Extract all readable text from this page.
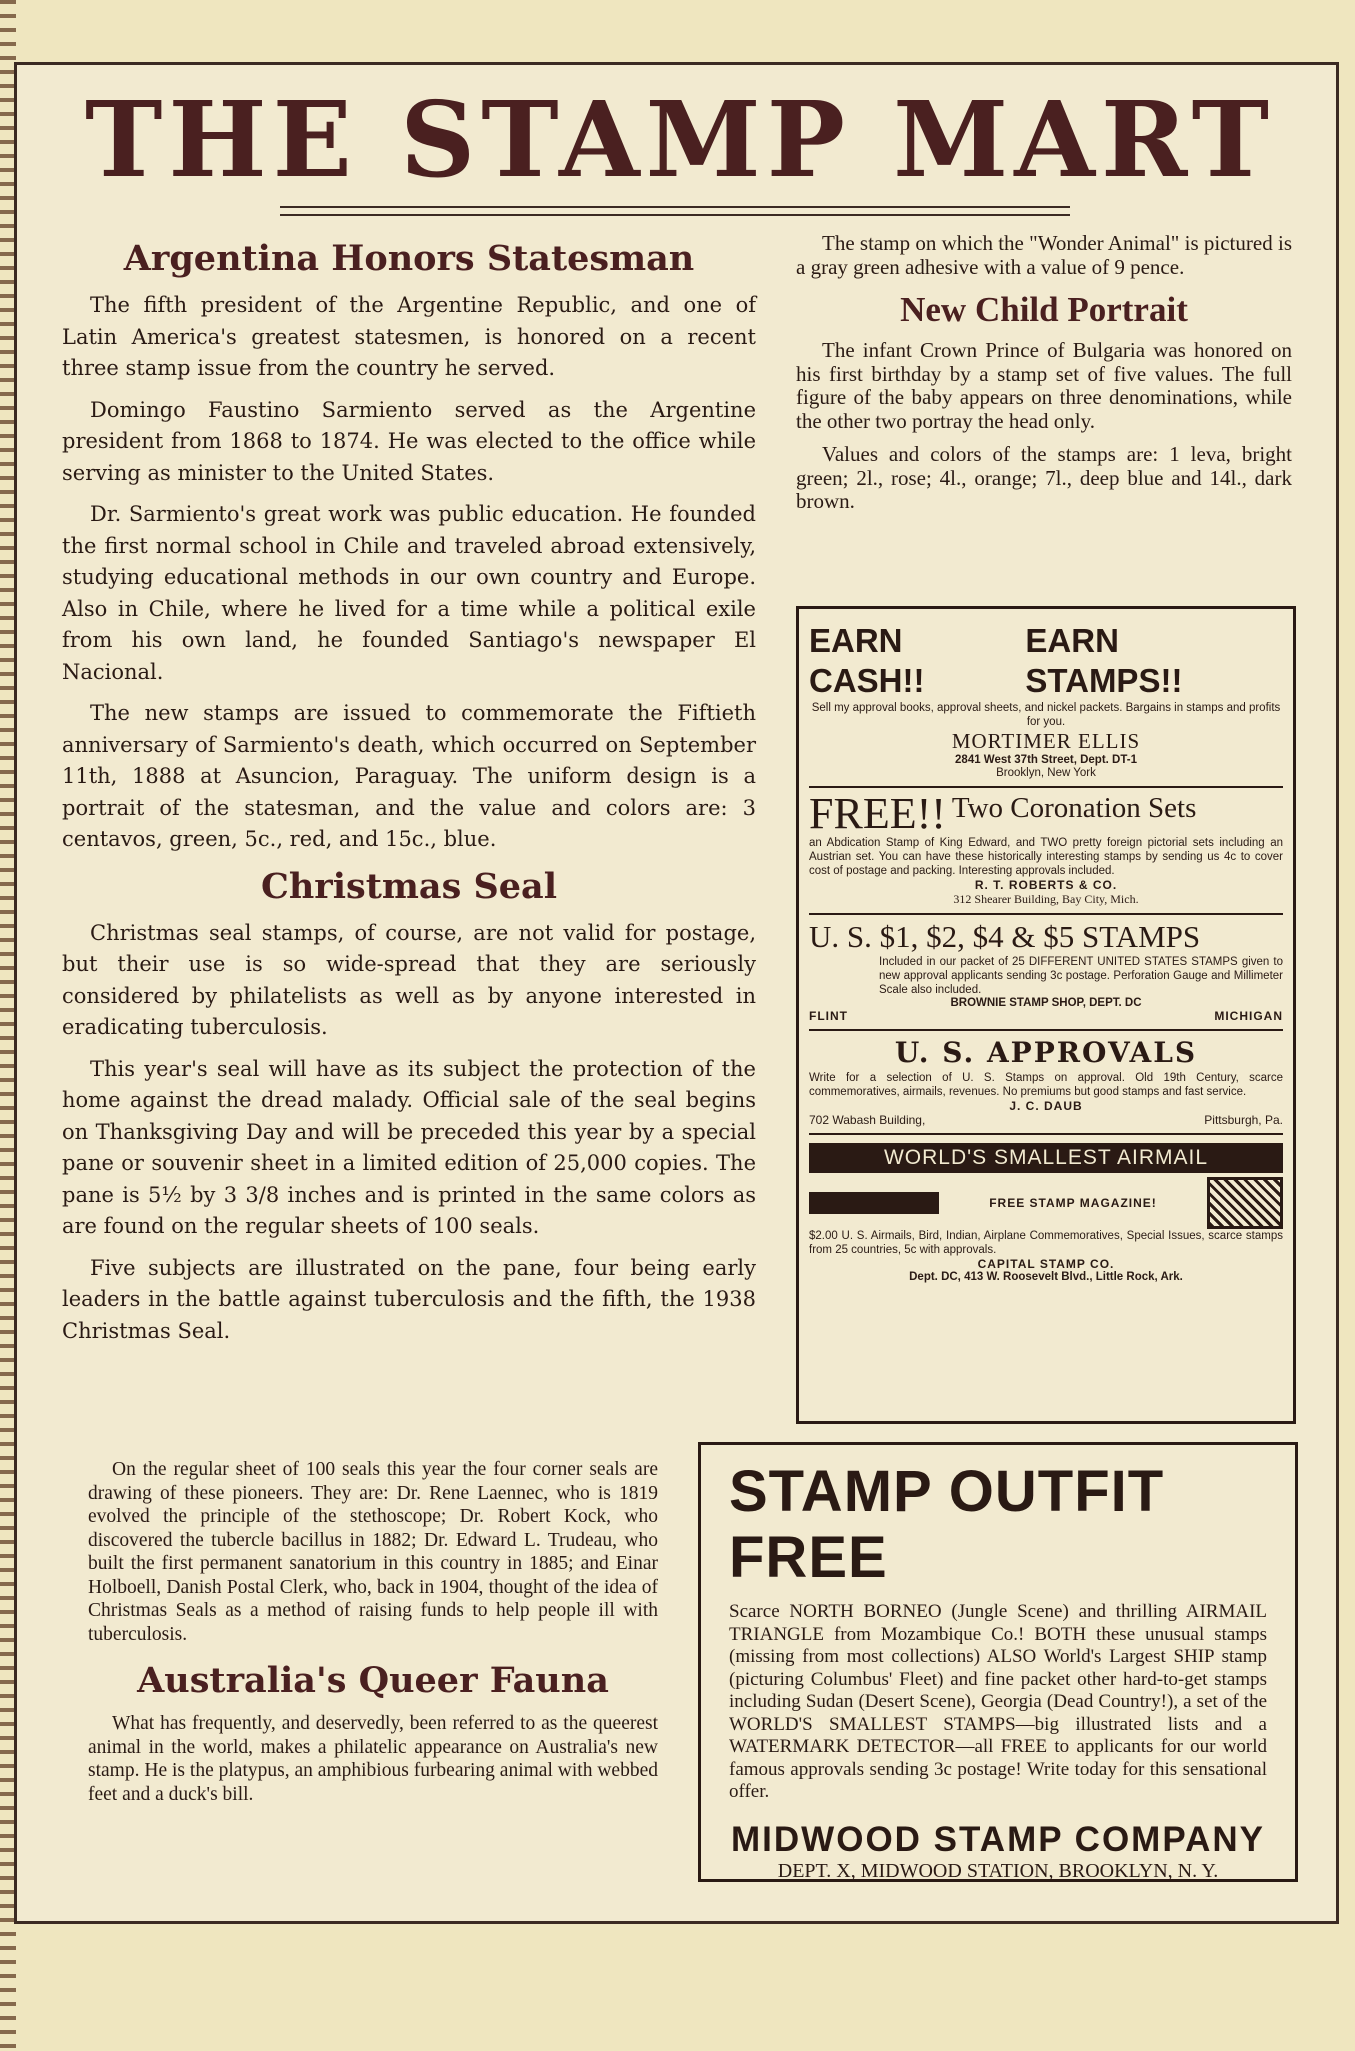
THE STAMP MART
Argentina Honors Statesman

The fifth president of the Argentine Republic, and one of Latin America's greatest statesmen, is honored on a recent three stamp issue from the country he served.

Domingo Faustino Sarmiento served as the Argentine president from 1868 to 1874. He was elected to the office while serving as minister to the United States.

Dr. Sarmiento's great work was public education. He founded the first normal school in Chile and traveled abroad extensively, studying educational methods in our own country and Europe. Also in Chile, where he lived for a time while a political exile from his own land, he founded Santiago's newspaper El Nacional.

The new stamps are issued to commemorate the Fiftieth anniversary of Sarmiento's death, which occurred on September 11th, 1888 at Asuncion, Paraguay. The uniform design is a portrait of the statesman, and the value and colors are: 3 centavos, green, 5c., red, and 15c., blue.

Christmas Seal

Christmas seal stamps, of course, are not valid for postage, but their use is so wide-spread that they are seriously considered by philatelists as well as by anyone interested in eradicating tuberculosis.

This year's seal will have as its subject the protection of the home against the dread malady. Official sale of the seal begins on Thanksgiving Day and will be preceded this year by a special pane or souvenir sheet in a limited edition of 25,000 copies. The pane is 5½ by 3 3/8 inches and is printed in the same colors as are found on the regular sheets of 100 seals.

Five subjects are illustrated on the pane, four being early leaders in the battle against tuberculosis and the fifth, the 1938 Christmas Seal.

On the regular sheet of 100 seals this year the four corner seals are drawing of these pioneers. They are: Dr. Rene Laennec, who is 1819 evolved the principle of the stethoscope; Dr. Robert Kock, who discovered the tubercle bacillus in 1882; Dr. Edward L. Trudeau, who built the first permanent sanatorium in this country in 1885; and Einar Holboell, Danish Postal Clerk, who, back in 1904, thought of the idea of Christmas Seals as a method of raising funds to help people ill with tuberculosis.

Australia's Queer Fauna

What has frequently, and deservedly, been referred to as the queerest animal in the world, makes a philatelic appearance on Australia's new stamp. He is the platypus, an amphibious furbearing animal with webbed feet and a duck's bill.

The stamp on which the "Wonder Animal" is pictured is a gray green adhesive with a value of 9 pence.

New Child Portrait

The infant Crown Prince of Bulgaria was honored on his first birthday by a stamp set of five values. The full figure of the baby appears on three denominations, while the other two portray the head only.

Values and colors of the stamps are: 1 leva, bright green; 2l., rose; 4l., orange; 7l., deep blue and 14l., dark brown.

EARN CASH!!
EARN STAMPS!!
Sell my approval books, approval sheets, and nickel packets. Bargains in stamps and profits for you.
MORTIMER ELLIS
2841 West 37th Street, Dept. DT-1
Brooklyn, New York
FREE!! Two Coronation Sets
an Abdication Stamp of King Edward, and TWO pretty foreign pictorial sets including an Austrian set. You can have these historically interesting stamps by sending us 4c to cover cost of postage and packing. Interesting approvals included.
R. T. ROBERTS & CO.
312 Shearer Building, Bay City, Mich.
U. S. $1, $2, $4 & $5 STAMPS
Included in our packet of 25 DIFFERENT UNITED STATES STAMPS given to new approval applicants sending 3c postage. Perforation Gauge and Millimeter Scale also included.
BROWNIE STAMP SHOP, DEPT. DC
FLINT	MICHIGAN
U. S. APPROVALS
Write for a selection of U. S. Stamps on approval. Old 19th Century, scarce commemoratives, airmails, revenues. No premiums but good stamps and fast service.
J. C. DAUB
702 Wabash Building,	Pittsburgh, Pa.
WORLD'S SMALLEST AIRMAIL
FREE STAMP MAGAZINE!
$2.00 U. S. Airmails, Bird, Indian, Airplane Commemoratives, Special Issues, scarce stamps from 25 countries, 5c with approvals.
CAPITAL STAMP CO.
Dept. DC, 413 W. Roosevelt Blvd., Little Rock, Ark.
STAMP OUTFIT FREE
Scarce NORTH BORNEO (Jungle Scene) and thrilling AIRMAIL TRIANGLE from Mozambique Co.! BOTH these unusual stamps (missing from most collections) ALSO World's Largest SHIP stamp (picturing Columbus' Fleet) and fine packet other hard-to-get stamps including Sudan (Desert Scene), Georgia (Dead Country!), a set of the WORLD'S SMALLEST STAMPS—big illustrated lists and a WATERMARK DETECTOR—all FREE to applicants for our world famous approvals sending 3c postage! Write today for this sensational offer.
MIDWOOD STAMP COMPANY
DEPT. X, MIDWOOD STATION, BROOKLYN, N. Y.
